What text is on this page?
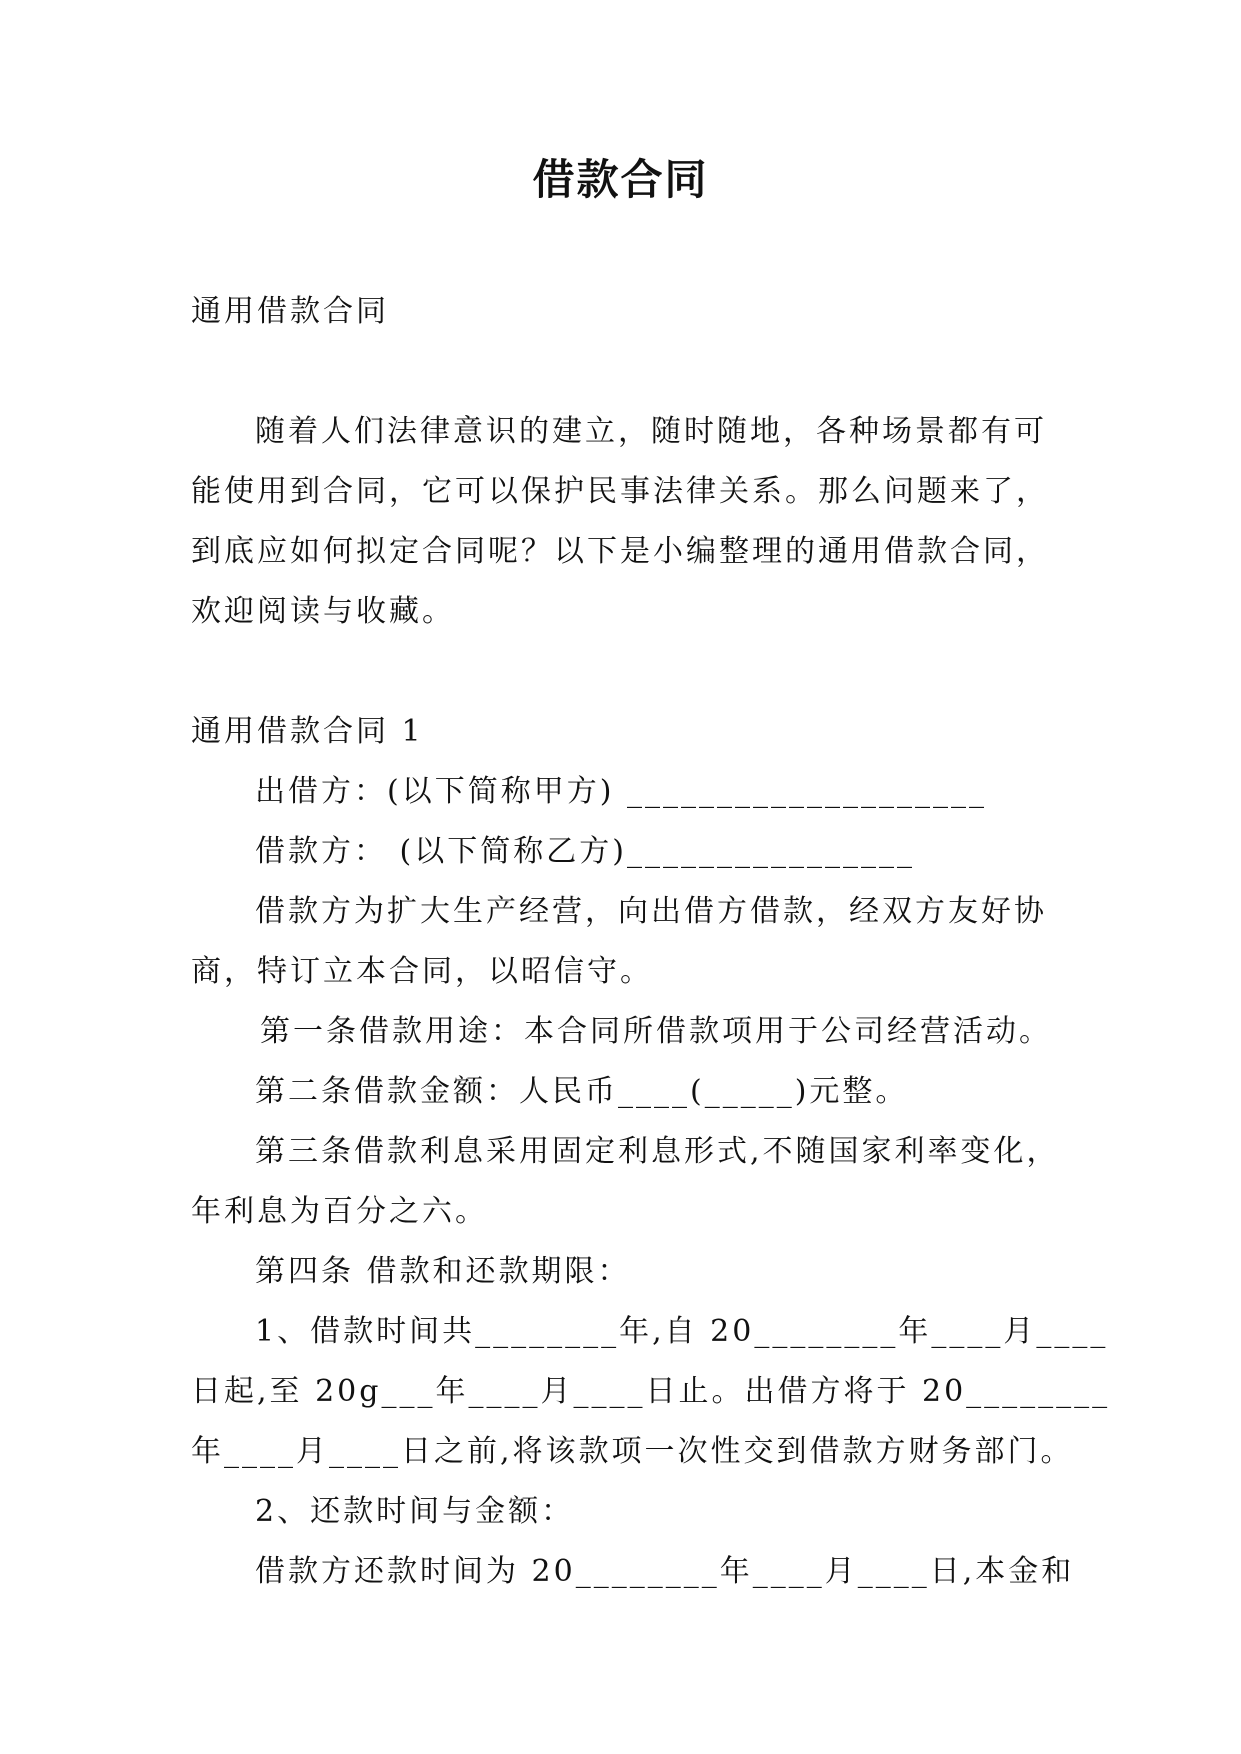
借款合同

通用借款合同

随着人们法律意识的建立，随时随地，各种场景都有可

能使用到合同，它可以保护民事法律关系。那么问题来了，

到底应如何拟定合同呢？以下是小编整理的通用借款合同，

欢迎阅读与收藏。

通用借款合同 1

出借方：(以下简称甲方) ____________________

借款方： (以下简称乙方)________________

借款方为扩大生产经营，向出借方借款，经双方友好协

商，特订立本合同，以昭信守。

第一条借款用途：本合同所借款项用于公司经营活动。

第二条借款金额：人民币____(_____)元整。

第三条借款利息采用固定利息形式,不随国家利率变化，

年利息为百分之六。

第四条 借款和还款期限：

1、借款时间共________年,自 20________年____月____

日起,至 20g___年____月____日止。出借方将于 20________

年____月____日之前,将该款项一次性交到借款方财务部门。

2、还款时间与金额：

借款方还款时间为 20________年____月____日,本金和
